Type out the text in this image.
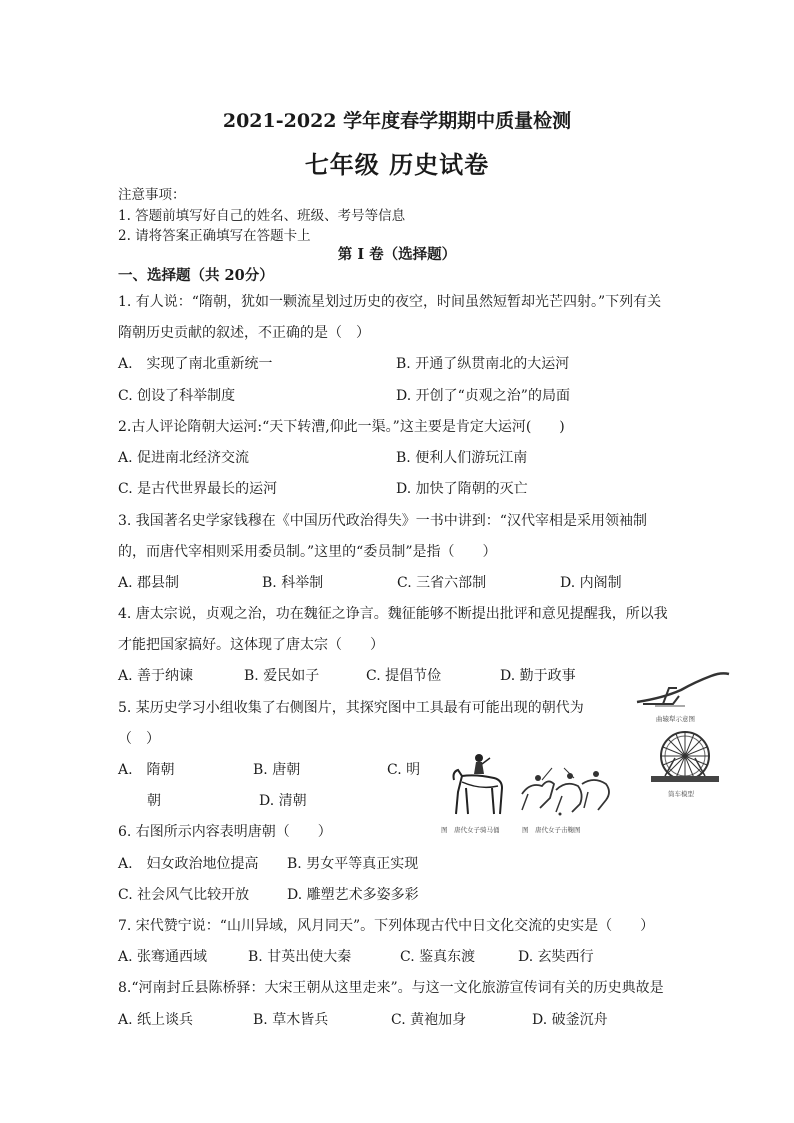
2021-2022 学年度春学期期中质量检测
七年级 历史试卷
注意事项：
1. 答题前填写好自己的姓名、班级、考号等信息
2. 请将答案正确填写在答题卡上
第 I 卷（选择题）
一、选择题（共 20分）
1. 有人说：“隋朝，犹如一颗流星划过历史的夜空，时间虽然短暂却光芒四射。”下列有关
隋朝历史贡献的叙述，不正确的是（　）
A.　实现了南北重新统一	B. 开通了纵贯南北的大运河
C. 创设了科举制度	D. 开创了“贞观之治”的局面
2.古人评论隋朝大运河:“天下转漕,仰此一渠。”这主要是肯定大运河(　　)
A. 促进南北经济交流	B. 便利人们游玩江南
C. 是古代世界最长的运河	D. 加快了隋朝的灭亡
3. 我国著名史学家钱穆在《中国历代政治得失》一书中讲到：“汉代宰相是采用领袖制
的，而唐代宰相则采用委员制。”这里的“委员制”是指（　　）
A. 郡县制	B. 科举制	C. 三省六部制	D. 内阁制
4. 唐太宗说，贞观之治，功在魏征之诤言。魏征能够不断提出批评和意见提醒我，所以我
才能把国家搞好。这体现了唐太宗（　　）
A. 善于纳谏	B. 爱民如子	C. 提倡节俭	D. 勤于政事
5. 某历史学习小组收集了右侧图片，其探究图中工具最有可能出现的朝代为
（　）
A.　隋朝	B. 唐朝	C. 明
朝	D. 清朝
6. 右图所示内容表明唐朝（　　）
A.　妇女政治地位提高 B. 男女平等真正实现
C. 社会风气比较开放	D. 雕塑艺术多姿多彩
7. 宋代赞宁说：“山川异域，风月同天”。下列体现古代中日文化交流的史实是（　　）
A. 张骞通西域	B. 甘英出使大秦	C. 鉴真东渡	D. 玄奘西行
8.“河南封丘县陈桥驿：大宋王朝从这里走来”。与这一文化旅游宣传词有关的历史典故是
A. 纸上谈兵	B. 草木皆兵	C. 黄袍加身	D. 破釜沉舟
曲辕犁示意图
筒车模型
图　唐代女子骑马俑	图　唐代女子击鞠图
